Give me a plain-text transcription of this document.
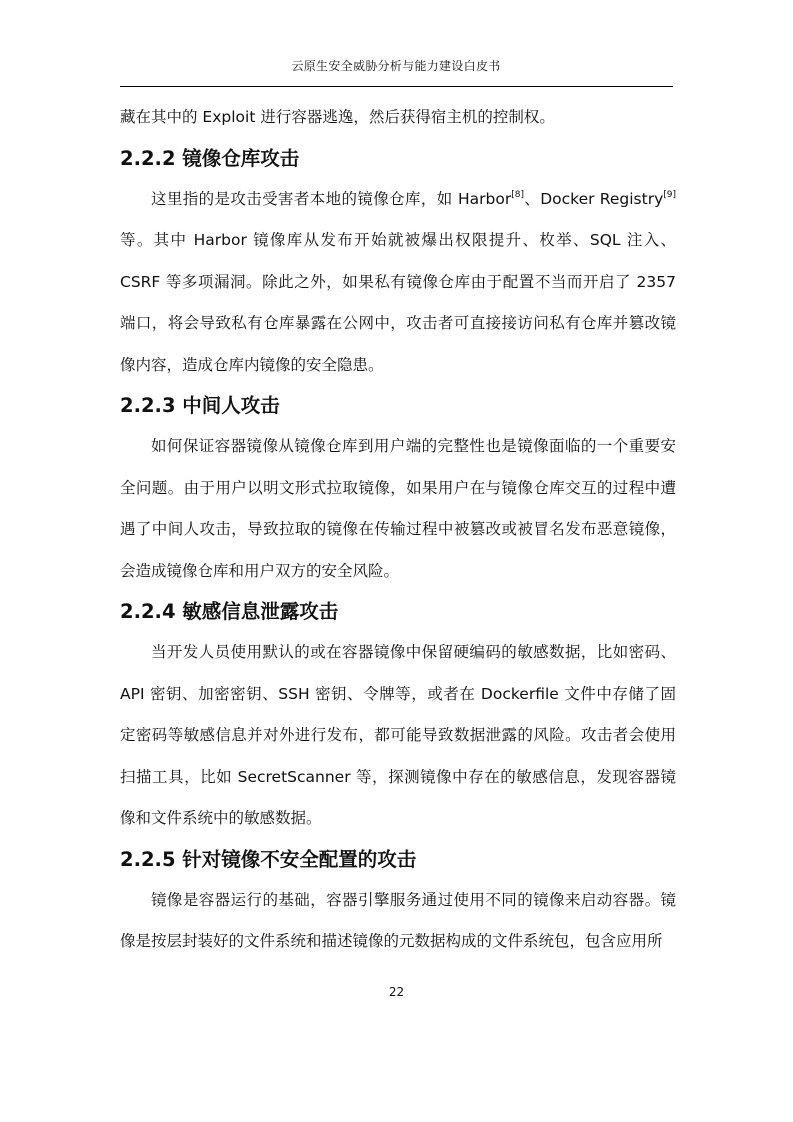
云原生安全威胁分析与能力建设白皮书

藏在其中的 Exploit 进行容器逃逸，然后获得宿主机的控制权。

2.2.2 镜像仓库攻击

这里指的是攻击受害者本地的镜像仓库，如 Harbor[8]、Docker Registry[9]等。其中 Harbor 镜像库从发布开始就被爆出权限提升、枚举、SQL 注入、CSRF 等多项漏洞。除此之外，如果私有镜像仓库由于配置不当而开启了 2357 端口，将会导致私有仓库暴露在公网中，攻击者可直接接访问私有仓库并篡改镜像内容，造成仓库内镜像的安全隐患。

2.2.3 中间人攻击

如何保证容器镜像从镜像仓库到用户端的完整性也是镜像面临的一个重要安全问题。由于用户以明文形式拉取镜像，如果用户在与镜像仓库交互的过程中遭遇了中间人攻击，导致拉取的镜像在传输过程中被篡改或被冒名发布恶意镜像，会造成镜像仓库和用户双方的安全风险。

2.2.4 敏感信息泄露攻击

当开发人员使用默认的或在容器镜像中保留硬编码的敏感数据，比如密码、API 密钥、加密密钥、SSH 密钥、令牌等，或者在 Dockerfile 文件中存储了固定密码等敏感信息并对外进行发布，都可能导致数据泄露的风险。攻击者会使用扫描工具，比如 SecretScanner 等，探测镜像中存在的敏感信息，发现容器镜像和文件系统中的敏感数据。

2.2.5 针对镜像不安全配置的攻击

镜像是容器运行的基础，容器引擎服务通过使用不同的镜像来启动容器。镜像是按层封装好的文件系统和描述镜像的元数据构成的文件系统包，包含应用所

22
